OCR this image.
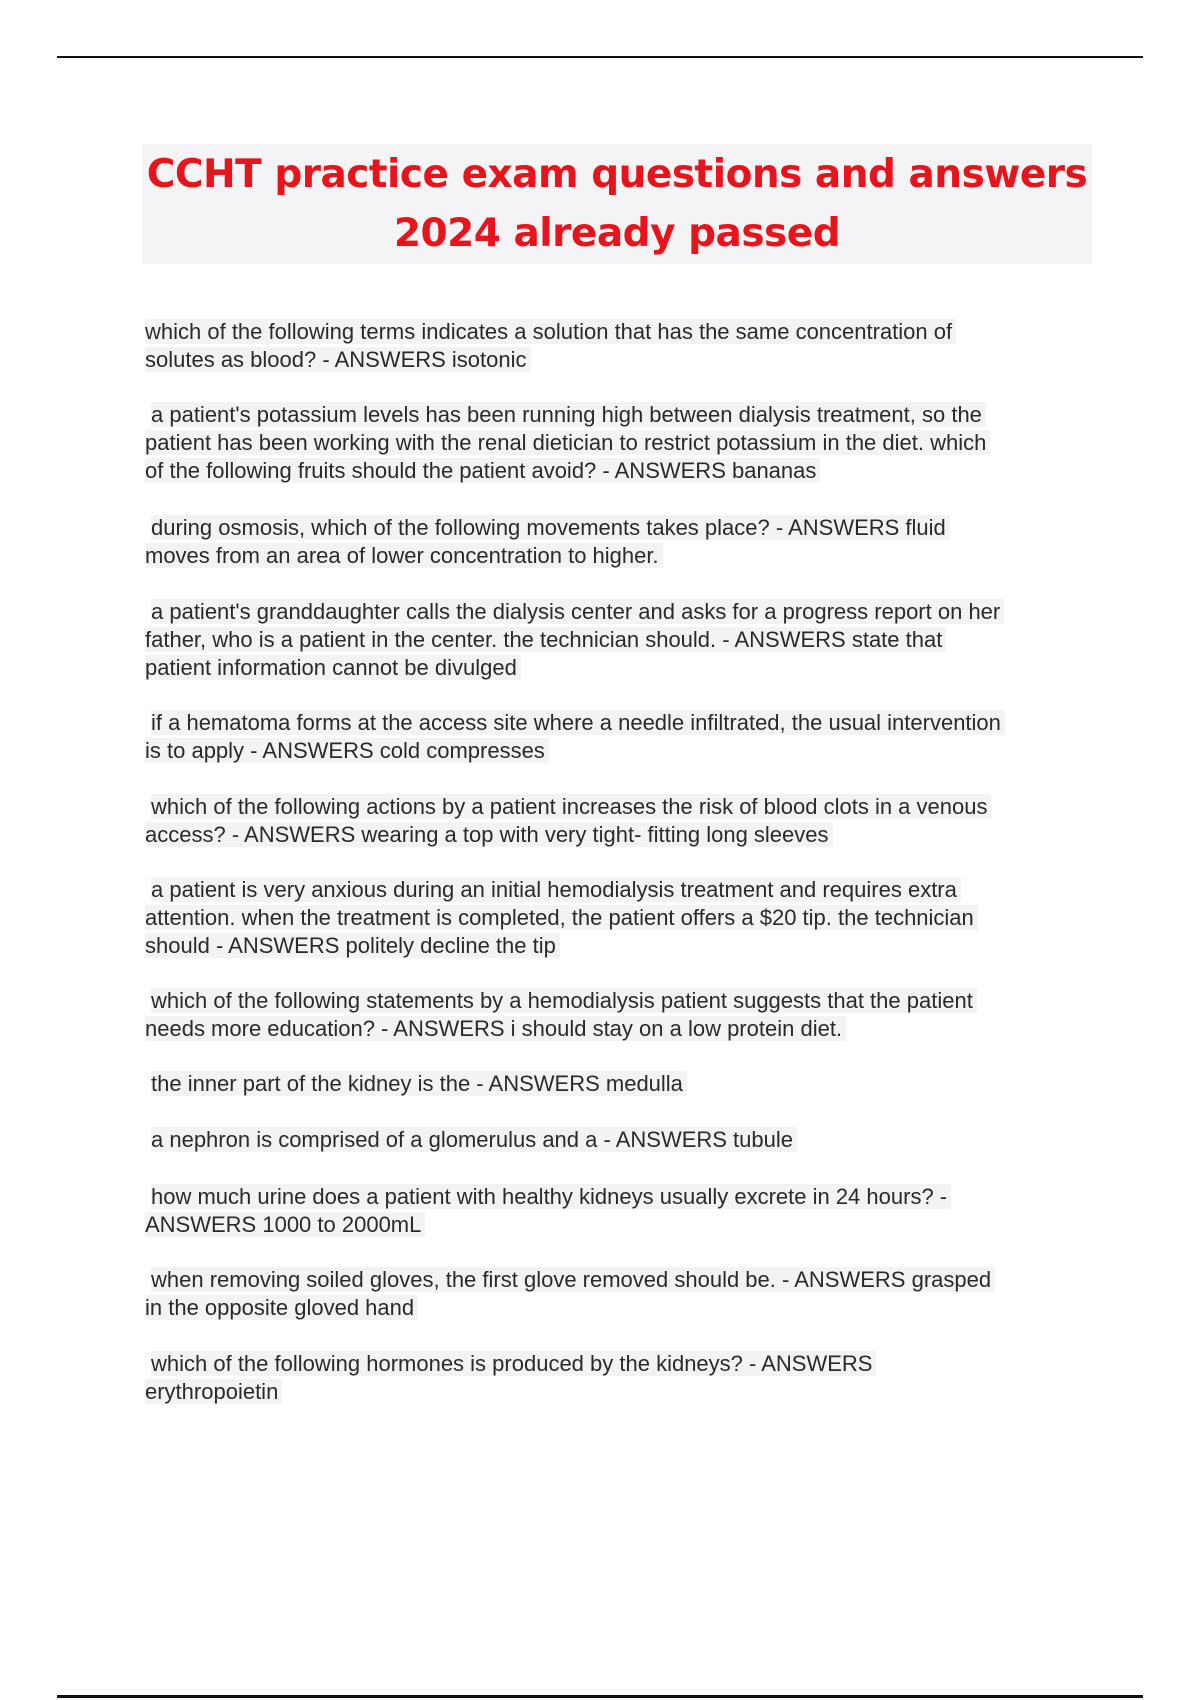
CCHT practice exam questions and answers
2024 already passed
which of the following terms indicates a solution that has the same concentration of
solutes as blood? - ANSWERS isotonic
a patient's potassium levels has been running high between dialysis treatment, so the
patient has been working with the renal dietician to restrict potassium in the diet. which
of the following fruits should the patient avoid? - ANSWERS bananas
during osmosis, which of the following movements takes place? - ANSWERS fluid
moves from an area of lower concentration to higher.
a patient's granddaughter calls the dialysis center and asks for a progress report on her
father, who is a patient in the center. the technician should. - ANSWERS state that
patient information cannot be divulged
if a hematoma forms at the access site where a needle infiltrated, the usual intervention
is to apply - ANSWERS cold compresses
which of the following actions by a patient increases the risk of blood clots in a venous
access? - ANSWERS wearing a top with very tight- fitting long sleeves
a patient is very anxious during an initial hemodialysis treatment and requires extra
attention. when the treatment is completed, the patient offers a $20 tip. the technician
should - ANSWERS politely decline the tip
which of the following statements by a hemodialysis patient suggests that the patient
needs more education? - ANSWERS i should stay on a low protein diet.
the inner part of the kidney is the - ANSWERS medulla
a nephron is comprised of a glomerulus and a - ANSWERS tubule
how much urine does a patient with healthy kidneys usually excrete in 24 hours? -
ANSWERS 1000 to 2000mL
when removing soiled gloves, the first glove removed should be. - ANSWERS grasped
in the opposite gloved hand
which of the following hormones is produced by the kidneys? - ANSWERS
erythropoietin
